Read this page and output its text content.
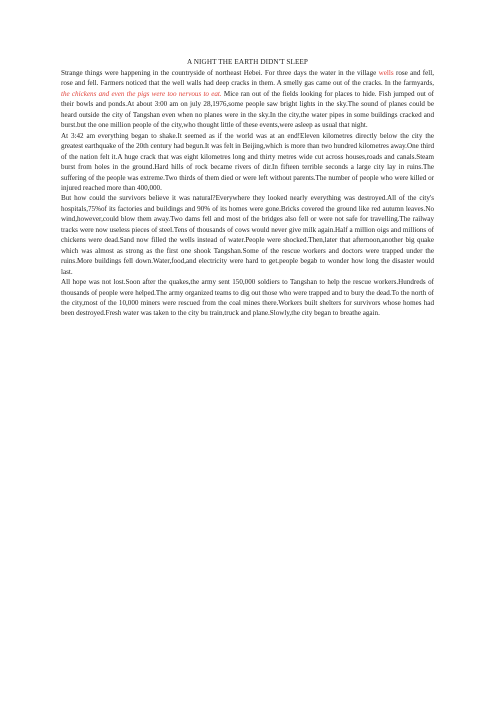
A NIGHT THE EARTH DIDN'T SLEEP

Strange things were happening in the countryside of northeast Hebei. For three days the water in the village wells rose and fell, rose and fell. Farmers noticed that the well walls had deep cracks in them. A smelly gas came out of the cracks. In the farmyards, the chickens and even the pigs were too nervous to eat. Mice ran out of the fields looking for places to hide. Fish jumped out of their bowls and ponds.At about 3:00 am on july 28,1976,some people saw bright lights in the sky.The sound of planes could be heard outside the city of Tangshan even when no planes were in the sky.In the city,the water pipes in some buildings cracked and burst.but the one million people of the city,who thought little of these events,were asleep as usual that night.

At 3:42 am everything began to shake.It seemed as if the world was at an end!Eleven kilometres directly below the city the greatest earthquake of the 20th century had begun.It was felt in Beijing,which is more than two hundred kilometres away.One third of the nation felt it.A huge crack that was eight kilometres long and thirty metres wide cut across houses,roads and canals.Steam burst from holes in the ground.Hard hills of rock became rivers of dir.In fifteen terrible seconds a large city lay in ruins.The suffering of the people was extreme.Two thirds of them died or were left without parents.The number of people who were killed or injured reached more than 400,000.

But how could the survivors believe it was natural?Everywhere they looked nearly everything was destroyed.All of the city's hospitals,75%of its factories and buildings and 90% of its homes were gone.Bricks covered the ground like red autumn leaves.No wind,however,could blow them away.Two dams fell and most of the bridges also fell or were not safe for travelling.The railway tracks were now useless pieces of steel.Tens of thousands of cows would never give milk again.Half a million oigs and millions of chickens were dead.Sand now filled the wells instead of water.People were shocked.Then,later that afternoon,another big quake which was almost as strong as the first one shook Tangshan.Some of the rescue workers and doctors were trapped under the ruins.More buildings fell down.Water,food,and electricity were hard to get.people begab to wonder how long the disaster would last.

All hope was not lost.Soon after the quakes,the army sent 150,000 soldiers to Tangshan to help the rescue workers.Hundreds of thousands of people were helped.The army organized teams to dig out those who were trapped and to bury the dead.To the north of the city,most of the 10,000 miners were rescued from the coal mines there.Workers built shelters for survivors whose homes had been destroyed.Fresh water was taken to the city bu train,truck and plane.Slowly,the city began to breathe again.
